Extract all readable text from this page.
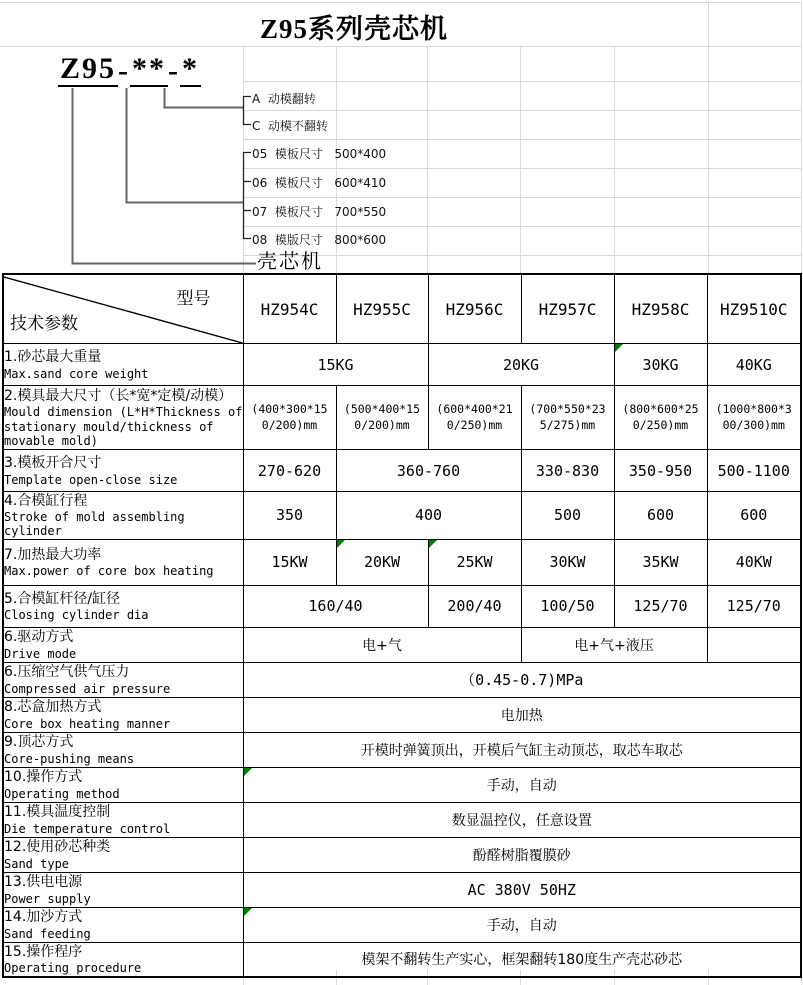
Z95系列壳芯机
Z95 - ** - *
A  动模翻转
C  动模不翻转
05  模板尺寸   500*400
06  模板尺寸   600*410
07  模板尺寸   700*550
08  模版尺寸   800*600
壳芯机
型号
技术参数	HZ954C	HZ955C	HZ956C	HZ957C	HZ958C	HZ9510C

1.砂芯最大重量
Max.sand core weight	15KG		20KG		30KG	40KG

2.模具最大尺寸（长*宽*定模/动模）
Mould dimension (L*H*Thickness of stationary mould/thickness of movable mold)	(400*300*150/200)mm	(500*400*150/200)mm	(600*400*210/250)mm	(700*550*235/275)mm	(800*600*250/250)mm	(1000*800*300/300)mm

3.模板开合尺寸
Template open-close size	270-620	360-760		330-830	350-950	500-1100

4.合模缸行程
Stroke of mold assembling cylinder	350	400		500	600	600

7.加热最大功率
Max.power of core box heating	15KW	20KW	25KW	30KW	35KW	40KW

5.合模缸杆径/缸径
Closing cylinder dia	160/40		200/40	100/50	125/70	125/70

6.驱动方式
Drive mode	电+气			电+气+液压		

6.压缩空气供气压力
Compressed air pressure	（0.45-0.7)MPa					

8.芯盒加热方式
Core box heating manner	电加热					

9.顶芯方式
Core-pushing means	开模时弹簧顶出，开模后气缸主动顶芯，取芯车取芯					

10.操作方式
Operating method	手动，自动					

11.模具温度控制
Die temperature control	数显温控仪，任意设置					

12.使用砂芯种类
Sand type	酚醛树脂覆膜砂					

13.供电电源
Power supply	AC 380V 50HZ					

14.加沙方式
Sand feeding	手动，自动					

15.操作程序
Operating procedure	模架不翻转生产实心，框架翻转180度生产壳芯砂芯					
